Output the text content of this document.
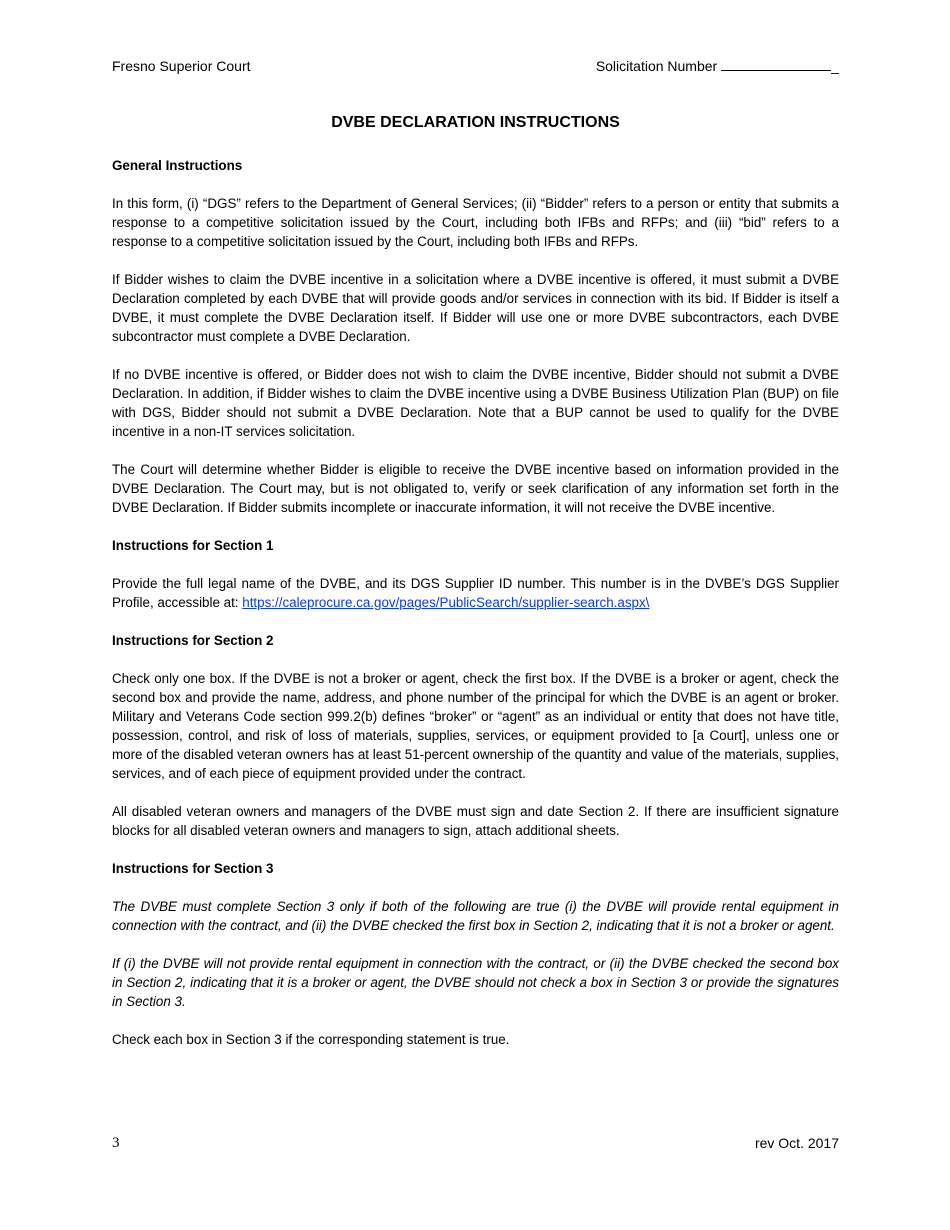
Fresno Superior Court	Solicitation Number	_
DVBE DECLARATION INSTRUCTIONS
General Instructions

In this form, (i) “DGS” refers to the Department of General Services; (ii) “Bidder” refers to a person or entity that submits a response to a competitive solicitation issued by the Court, including both IFBs and RFPs; and (iii) “bid” refers to a response to a competitive solicitation issued by the Court, including both IFBs and RFPs.

If Bidder wishes to claim the DVBE incentive in a solicitation where a DVBE incentive is offered, it must submit a DVBE Declaration completed by each DVBE that will provide goods and/or services in connection with its bid. If Bidder is itself a DVBE, it must complete the DVBE Declaration itself. If Bidder will use one or more DVBE subcontractors, each DVBE subcontractor must complete a DVBE Declaration.

If no DVBE incentive is offered, or Bidder does not wish to claim the DVBE incentive, Bidder should not submit a DVBE Declaration. In addition, if Bidder wishes to claim the DVBE incentive using a DVBE Business Utilization Plan (BUP) on file with DGS, Bidder should not submit a DVBE Declaration. Note that a BUP cannot be used to qualify for the DVBE incentive in a non-IT services solicitation.

The Court will determine whether Bidder is eligible to receive the DVBE incentive based on information provided in the DVBE Declaration. The Court may, but is not obligated to, verify or seek clarification of any information set forth in the DVBE Declaration. If Bidder submits incomplete or inaccurate information, it will not receive the DVBE incentive.

Instructions for Section 1

Provide the full legal name of the DVBE, and its DGS Supplier ID number. This number is in the DVBE’s DGS Supplier Profile, accessible at: https://caleprocure.ca.gov/pages/PublicSearch/supplier-search.aspx\

Instructions for Section 2

Check only one box. If the DVBE is not a broker or agent, check the first box. If the DVBE is a broker or agent, check the second box and provide the name, address, and phone number of the principal for which the DVBE is an agent or broker. Military and Veterans Code section 999.2(b) defines “broker” or “agent” as an individual or entity that does not have title, possession, control, and risk of loss of materials, supplies, services, or equipment provided to [a Court], unless one or more of the disabled veteran owners has at least 51-percent ownership of the quantity and value of the materials, supplies, services, and of each piece of equipment provided under the contract.

All disabled veteran owners and managers of the DVBE must sign and date Section 2. If there are insufficient signature blocks for all disabled veteran owners and managers to sign, attach additional sheets.

Instructions for Section 3

The DVBE must complete Section 3 only if both of the following are true (i) the DVBE will provide rental equipment in connection with the contract, and (ii) the DVBE checked the first box in Section 2, indicating that it is not a broker or agent.

If (i) the DVBE will not provide rental equipment in connection with the contract, or (ii) the DVBE checked the second box in Section 2, indicating that it is a broker or agent, the DVBE should not check a box in Section 3 or provide the signatures in Section 3.

Check each box in Section 3 if the corresponding statement is true.

3	rev Oct. 2017
